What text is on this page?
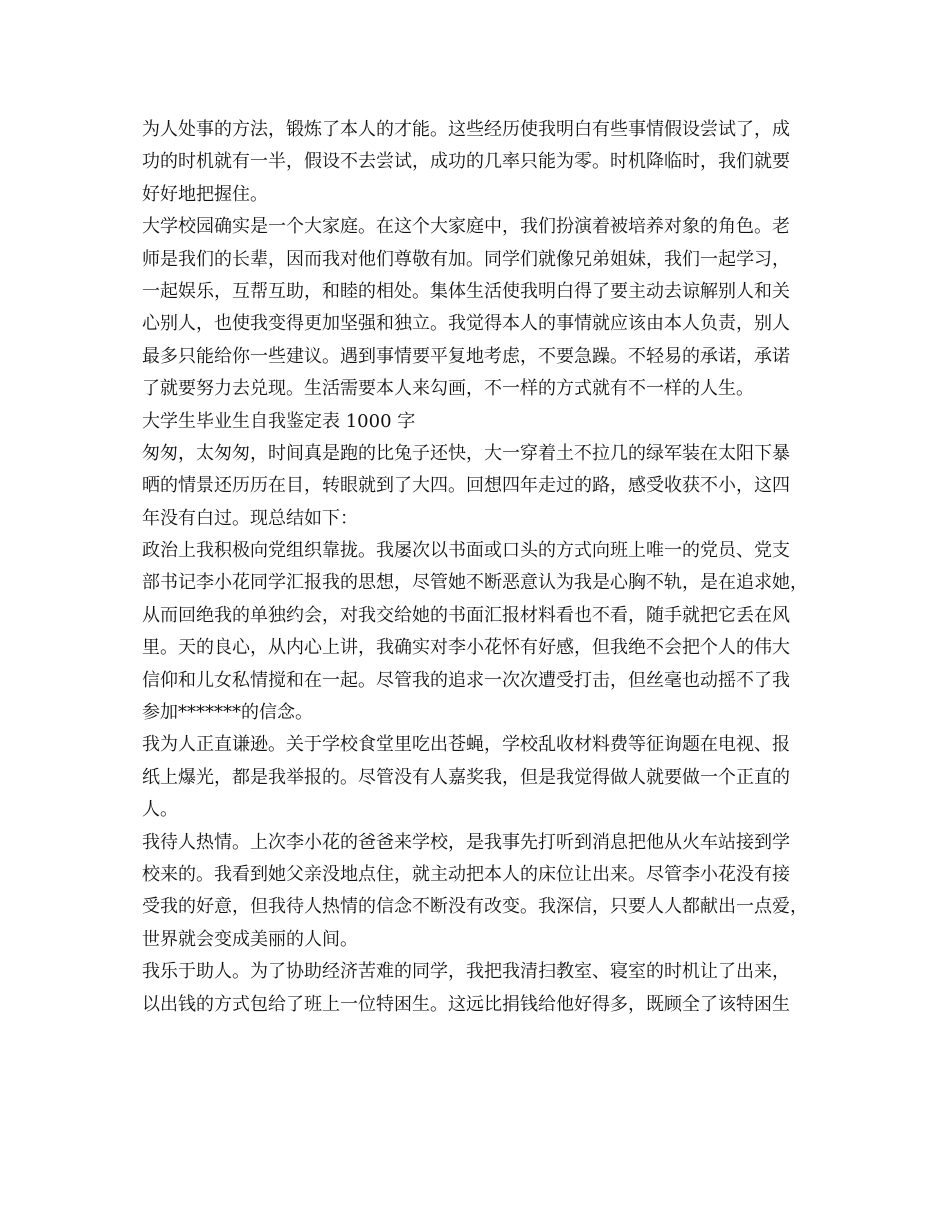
为人处事的方法，锻炼了本人的才能。这些经历使我明白有些事情假设尝试了，成
功的时机就有一半，假设不去尝试，成功的几率只能为零。时机降临时，我们就要
好好地把握住。
大学校园确实是一个大家庭。在这个大家庭中，我们扮演着被培养对象的角色。老
师是我们的长辈，因而我对他们尊敬有加。同学们就像兄弟姐妹，我们一起学习，
一起娱乐，互帮互助，和睦的相处。集体生活使我明白得了要主动去谅解别人和关
心别人，也使我变得更加坚强和独立。我觉得本人的事情就应该由本人负责，别人
最多只能给你一些建议。遇到事情要平复地考虑，不要急躁。不轻易的承诺，承诺
了就要努力去兑现。生活需要本人来勾画，不一样的方式就有不一样的人生。
大学生毕业生自我鉴定表 1000 字
匆匆，太匆匆，时间真是跑的比兔子还快，大一穿着土不拉几的绿军装在太阳下暴
晒的情景还历历在目，转眼就到了大四。回想四年走过的路，感受收获不小，这四
年没有白过。现总结如下：
政治上我积极向党组织靠拢。我屡次以书面或口头的方式向班上唯一的党员、党支
部书记李小花同学汇报我的思想，尽管她不断恶意认为我是心胸不轨，是在追求她，
从而回绝我的单独约会，对我交给她的书面汇报材料看也不看，随手就把它丢在风
里。天的良心，从内心上讲，我确实对李小花怀有好感，但我绝不会把个人的伟大
信仰和儿女私情搅和在一起。尽管我的追求一次次遭受打击，但丝毫也动摇不了我
参加*******的信念。
我为人正直谦逊。关于学校食堂里吃出苍蝇，学校乱收材料费等征询题在电视、报
纸上爆光，都是我举报的。尽管没有人嘉奖我，但是我觉得做人就要做一个正直的
人。
我待人热情。上次李小花的爸爸来学校，是我事先打听到消息把他从火车站接到学
校来的。我看到她父亲没地点住，就主动把本人的床位让出来。尽管李小花没有接
受我的好意，但我待人热情的信念不断没有改变。我深信，只要人人都献出一点爱，
世界就会变成美丽的人间。
我乐于助人。为了协助经济苦难的同学，我把我清扫教室、寝室的时机让了出来，
以出钱的方式包给了班上一位特困生。这远比捐钱给他好得多，既顾全了该特困生
